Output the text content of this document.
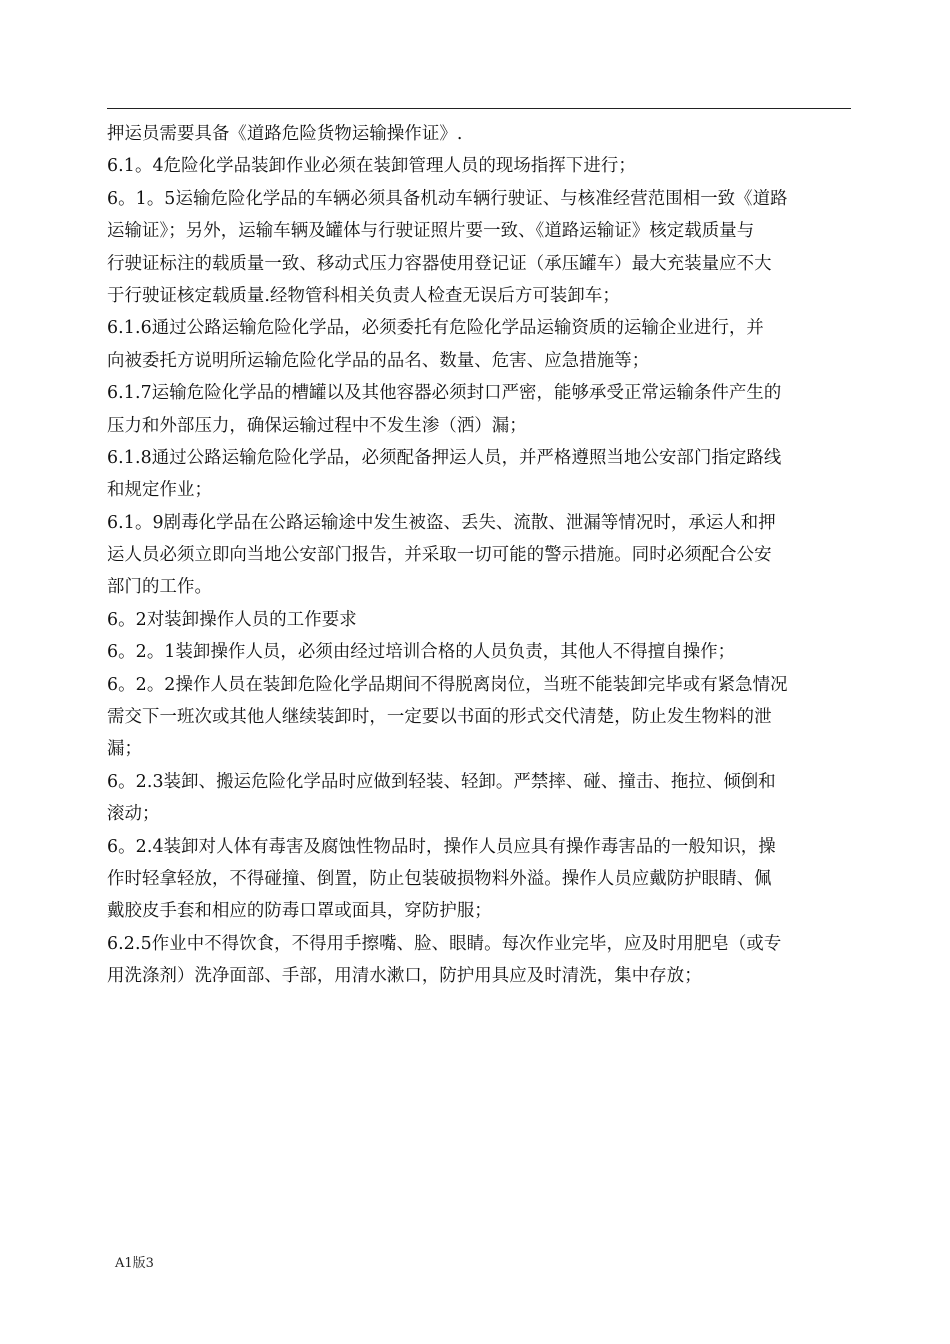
押运员需要具备《道路危险货物运输操作证》.
6.1。4危险化学品装卸作业必须在装卸管理人员的现场指挥下进行；
6。1。5运输危险化学品的车辆必须具备机动车辆行驶证、与核准经营范围相一致《道路
运输证》；另外，运输车辆及罐体与行驶证照片要一致、《道路运输证》核定载质量与
行驶证标注的载质量一致、移动式压力容器使用登记证（承压罐车）最大充装量应不大
于行驶证核定载质量.经物管科相关负责人检查无误后方可装卸车；
6.1.6通过公路运输危险化学品，必须委托有危险化学品运输资质的运输企业进行，并
向被委托方说明所运输危险化学品的品名、数量、危害、应急措施等；
6.1.7运输危险化学品的槽罐以及其他容器必须封口严密，能够承受正常运输条件产生的
压力和外部压力，确保运输过程中不发生渗（洒）漏；
6.1.8通过公路运输危险化学品，必须配备押运人员，并严格遵照当地公安部门指定路线
和规定作业；
6.1。9剧毒化学品在公路运输途中发生被盗、丢失、流散、泄漏等情况时，承运人和押
运人员必须立即向当地公安部门报告，并采取一切可能的警示措施。同时必须配合公安
部门的工作。
6。2对装卸操作人员的工作要求
6。2。1装卸操作人员，必须由经过培训合格的人员负责，其他人不得擅自操作；
6。2。2操作人员在装卸危险化学品期间不得脱离岗位，当班不能装卸完毕或有紧急情况
需交下一班次或其他人继续装卸时，一定要以书面的形式交代清楚，防止发生物料的泄
漏；
6。2.3装卸、搬运危险化学品时应做到轻装、轻卸。严禁摔、碰、撞击、拖拉、倾倒和
滚动；
6。2.4装卸对人体有毒害及腐蚀性物品时，操作人员应具有操作毒害品的一般知识，操
作时轻拿轻放，不得碰撞、倒置，防止包装破损物料外溢。操作人员应戴防护眼睛、佩
戴胶皮手套和相应的防毒口罩或面具，穿防护服；
6.2.5作业中不得饮食，不得用手擦嘴、脸、眼睛。每次作业完毕，应及时用肥皂（或专
用洗涤剂）洗净面部、手部，用清水漱口，防护用具应及时清洗，集中存放；
A1版3
